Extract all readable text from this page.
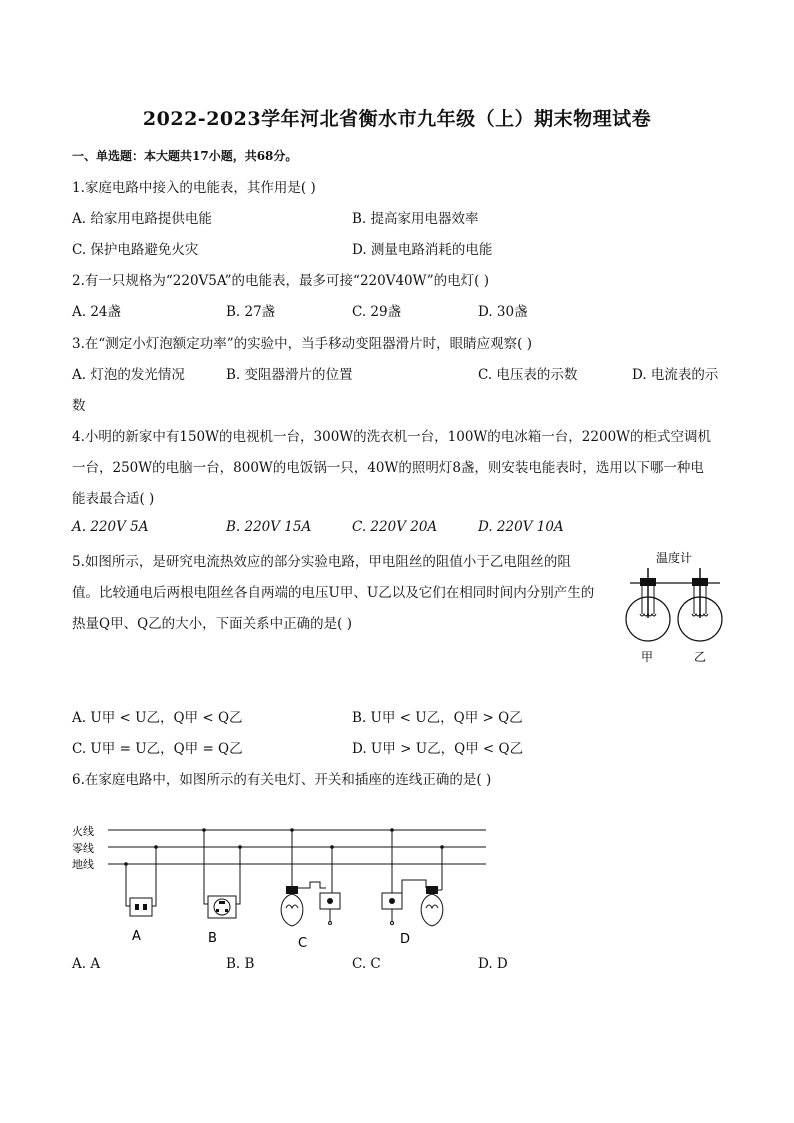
2022-2023学年河北省衡水市九年级（上）期末物理试卷
一、单选题：本大题共17小题，共68分。
1.家庭电路中接入的电能表，其作用是( )
A. 给家用电路提供电能	B. 提高家用电器效率
C. 保护电路避免火灾	D. 测量电路消耗的电能
2.有一只规格为“220V5A”的电能表，最多可接“220V40W”的电灯( )
A. 24盏	B. 27盏	C. 29盏	D. 30盏
3.在“测定小灯泡额定功率”的实验中，当手移动变阻器滑片时，眼睛应观察( )
A. 灯泡的发光情况	B. 变阻器滑片的位置	C. 电压表的示数	D. 电流表的示
数
4.小明的新家中有150W的电视机一台，300W的洗衣机一台，100W的电冰箱一台，2200W的柜式空调机
一台，250W的电脑一台，800W的电饭锅一只，40W的照明灯8盏，则安装电能表时，选用以下哪一种电
能表最合适( )
A. 220V 5A	B. 220V 15A	C. 220V 20A	D. 220V 10A
5.如图所示，是研究电流热效应的部分实验电路，甲电阻丝的阻值小于乙电阻丝的阻
值。比较通电后两根电阻丝各自两端的电压U甲、U乙以及它们在相同时间内分别产生的
热量Q甲、Q乙的大小，下面关系中正确的是( )
温度计
甲	乙
A. U甲 < U乙，Q甲 < Q乙	B. U甲 < U乙，Q甲 > Q乙
C. U甲 = U乙，Q甲 = Q乙	D. U甲 > U乙，Q甲 < Q乙
6.在家庭电路中，如图所示的有关电灯、开关和插座的连线正确的是( )
火线
零线
地线
A	B	C	D
A. A	B. B	C. C	D. D
